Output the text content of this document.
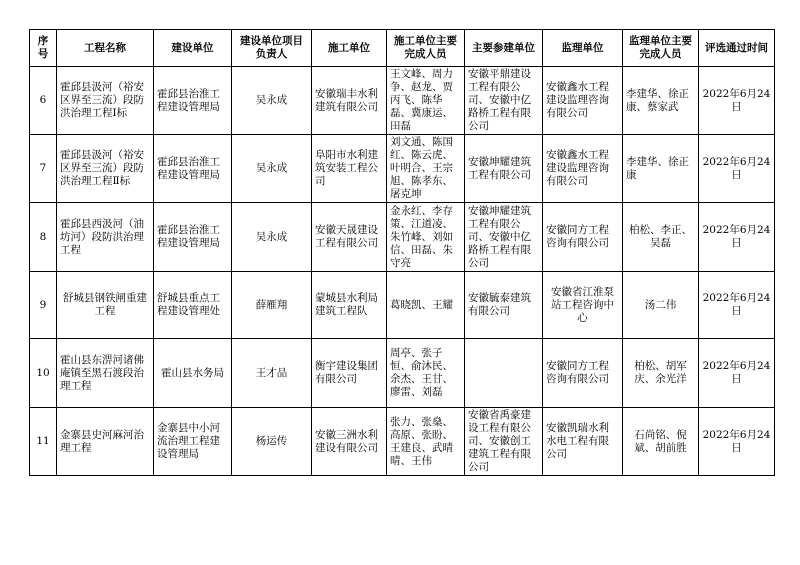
序号	工程名称	建设单位	建设单位项目负责人	施工单位	施工单位主要完成人员	主要参建单位	监理单位	监理单位主要完成人员	评选通过时间
6	霍邱县汲河（裕安区界至三流）段防洪治理工程Ⅰ标	霍邱县治淮工程建设管理局	吴永成	安徽瑞丰水利建筑有限公司	王文峰、周力争、赵龙、贾丙飞、陈华磊、冀康运、田磊	安徽平鼎建设工程有限公司、安徽中亿路桥工程有限公司	安徽鑫水工程建设监理咨询有限公司	李建华、徐正康、蔡家武	2022年6月24日
7	霍邱县汲河（裕安区界至三流）段防洪治理工程Ⅱ标	霍邱县治淮工程建设管理局	吴永成	阜阳市水利建筑安装工程公司	刘文通、陈国红、陈云虎、叶明合、王宗旭、陈孝东、屠克坤	安徽坤耀建筑工程有限公司	安徽鑫水工程建设监理咨询有限公司	李建华、徐正康	2022年6月24日
8	霍邱县西汲河（油坊河）段防洪治理工程	霍邱县治淮工程建设管理局	吴永成	安徽天晟建设工程有限公司	金永红、李存策、江道凌、朱竹峰、刘如信、田磊、朱守亮	安徽坤耀建筑工程有限公司、安徽中亿路桥工程有限公司	安徽同方工程咨询有限公司	柏松、李正、吴磊	2022年6月24日
9	舒城县钢铁闸重建工程	舒城县重点工程建设管理处	薛雁翔	蒙城县水利局建筑工程队	葛晓凯、王耀	安徽毓泰建筑有限公司	安徽省江淮泵站工程咨询中心	汤二伟	2022年6月24日
10	霍山县东淠河诸佛庵镇至黑石渡段治理工程	霍山县水务局	王才品	衡宇建设集团有限公司	周亭、张子恒、俞沐民、余杰、王甘、廖雷、刘磊		安徽同方工程咨询有限公司	柏松、胡军庆、余光洋	2022年6月24日
11	金寨县史河麻河治理工程	金寨县中小河流治理工程建设管理局	杨运传	安徽三洲水利建设有限公司	张力、张燊、高原、张盼、王建良、武晴晴、王伟	安徽省禹豪建设工程有限公司、安徽创工建筑工程有限公司	安徽凯瑞水利水电工程有限公司	石尚铭、倪斌、胡前胜	2022年6月24日
